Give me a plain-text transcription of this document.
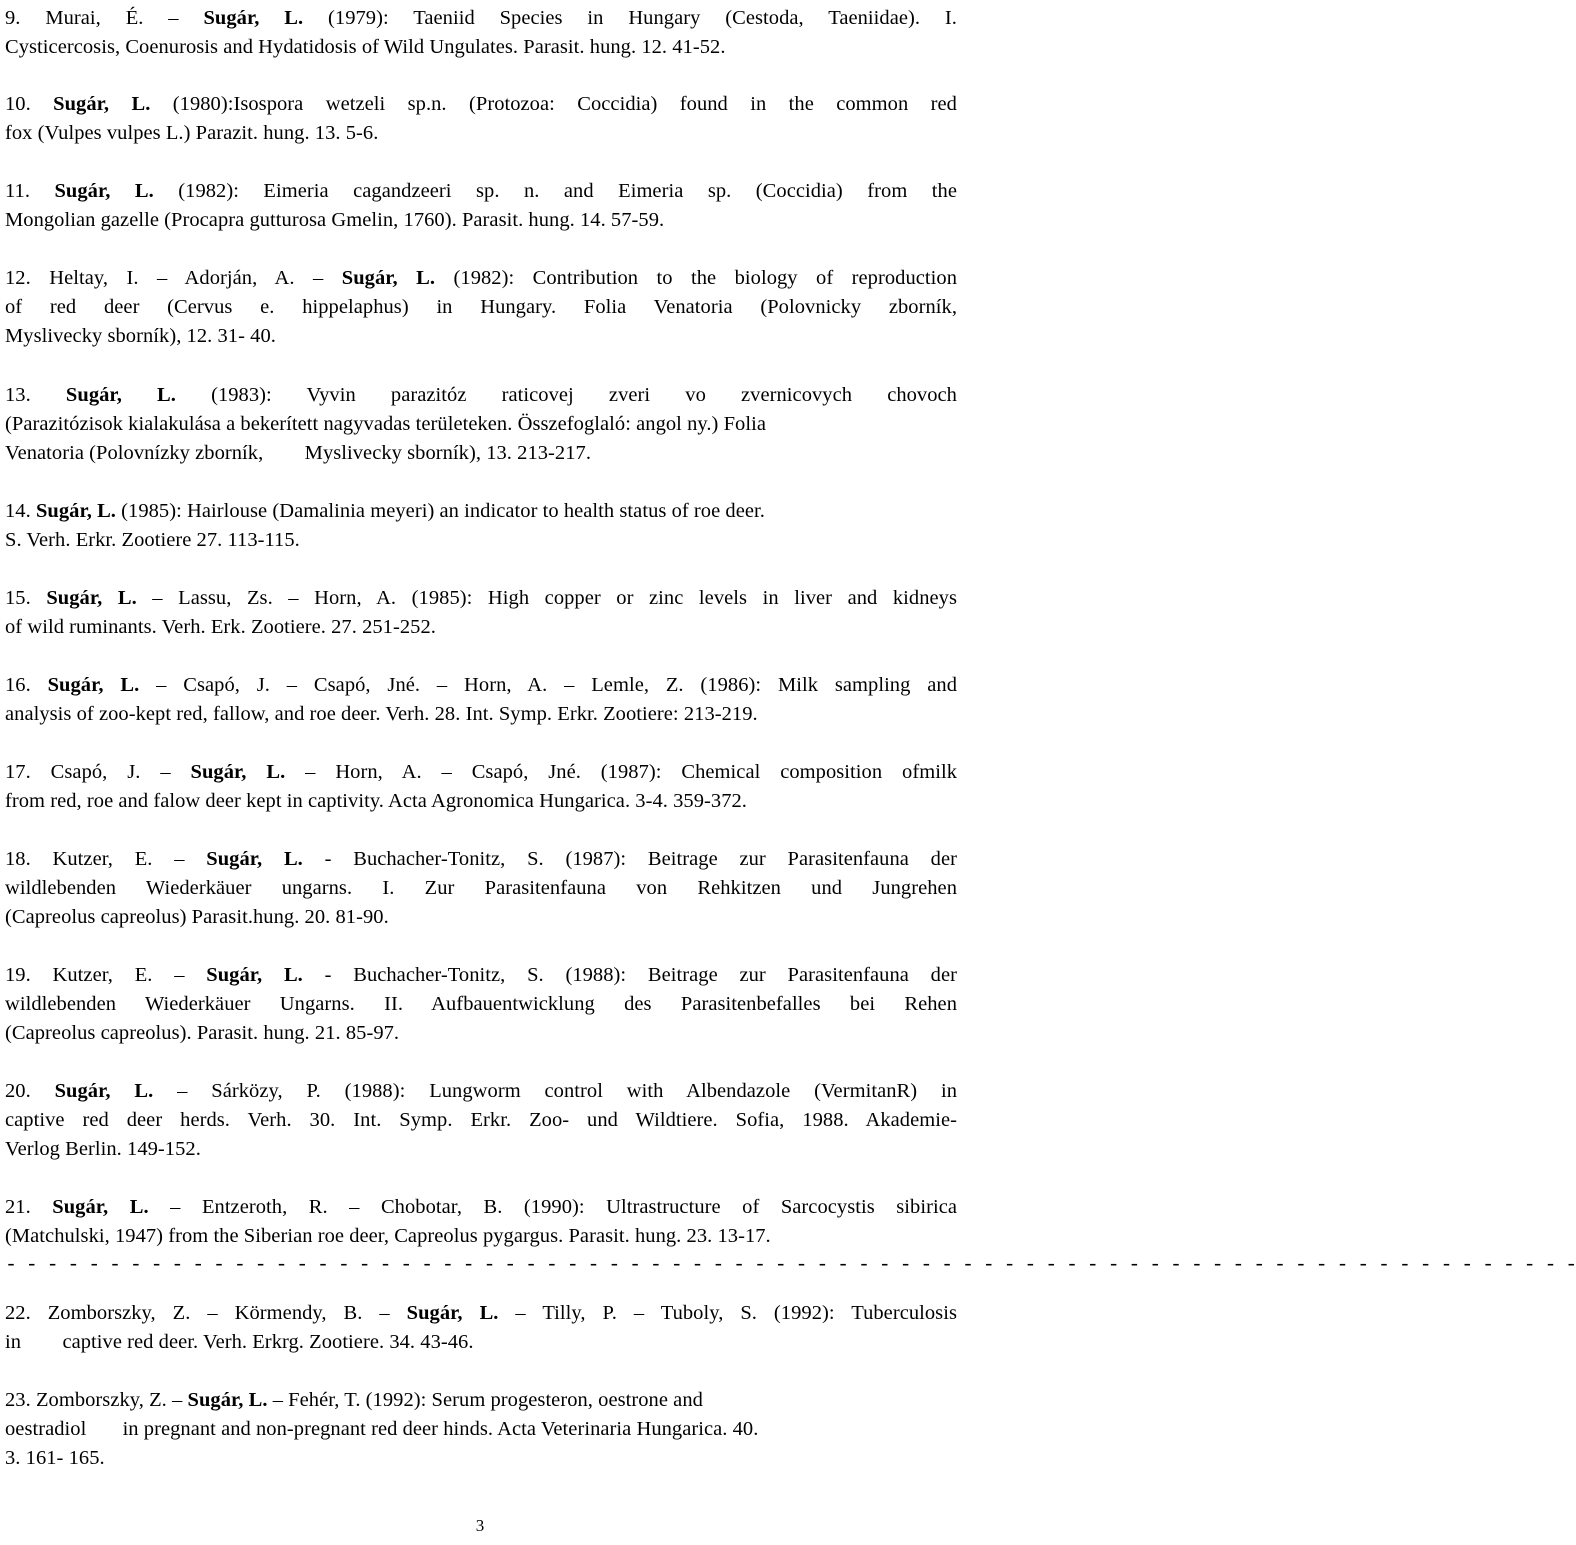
9. Murai, É. – Sugár, L. (1979): Taeniid Species in Hungary (Cestoda, Taeniidae). I.
Cysticercosis, Coenurosis and Hydatidosis of Wild Ungulates. Parasit. hung. 12. 41-52.

10. Sugár, L. (1980):Isospora wetzeli sp.n. (Protozoa: Coccidia) found in the common red
fox (Vulpes vulpes L.) Parazit. hung. 13. 5-6.

11. Sugár, L. (1982): Eimeria cagandzeeri sp. n. and Eimeria sp. (Coccidia) from the
Mongolian gazelle (Procapra gutturosa Gmelin, 1760). Parasit. hung. 14. 57-59.

12. Heltay, I. – Adorján, A. – Sugár, L. (1982): Contribution to the biology of reproduction
of red deer (Cervus e. hippelaphus) in Hungary. Folia Venatoria (Polovnicky zborník,
Myslivecky sborník), 12. 31- 40.

13. Sugár, L. (1983): Vyvin parazitóz raticovej zveri vo zvernicovych chovoch
(Parazitózisok kialakulása a bekerített nagyvadas területeken. Összefoglaló: angol ny.) Folia
Venatoria (Polovnízky zborník,        Myslivecky sborník), 13. 213-217.

14. Sugár, L. (1985): Hairlouse (Damalinia meyeri) an indicator to health status of roe deer.
S. Verh. Erkr. Zootiere 27. 113-115.

15. Sugár, L. – Lassu, Zs. – Horn, A. (1985): High copper or zinc levels in liver and kidneys
of wild ruminants. Verh. Erk. Zootiere. 27. 251-252.

16. Sugár, L. – Csapó, J. – Csapó, Jné. – Horn, A. – Lemle, Z. (1986): Milk sampling and
analysis of zoo-kept red, fallow, and roe deer. Verh. 28. Int. Symp. Erkr. Zootiere: 213-219.

17. Csapó, J. – Sugár, L. – Horn, A. – Csapó, Jné. (1987): Chemical composition ofmilk
from red, roe and falow deer kept in captivity. Acta Agronomica Hungarica. 3-4. 359-372.

18. Kutzer, E. – Sugár, L. - Buchacher-Tonitz, S. (1987): Beitrage zur Parasitenfauna der
wildlebenden Wiederkäuer ungarns. I. Zur Parasitenfauna von Rehkitzen und Jungrehen
(Capreolus capreolus) Parasit.hung. 20. 81-90.

19. Kutzer, E. – Sugár, L. - Buchacher-Tonitz, S. (1988): Beitrage zur Parasitenfauna der
wildlebenden Wiederkäuer Ungarns. II. Aufbauentwicklung des Parasitenbefalles bei Rehen
(Capreolus capreolus). Parasit. hung. 21. 85-97.

20. Sugár, L. – Sárközy, P. (1988): Lungworm control with Albendazole (VermitanR) in
captive red deer herds. Verh. 30. Int. Symp. Erkr. Zoo- und Wildtiere. Sofia, 1988. Akademie-
Verlog Berlin. 149-152.

21. Sugár, L. – Entzeroth, R. – Chobotar, B. (1990): Ultrastructure of Sarcocystis sibirica
(Matchulski, 1947) from the Siberian roe deer, Capreolus pygargus. Parasit. hung. 23. 13-17.

- - - - - - - - - - - - - - - - - - - - - - - - - - - - - - - - - - - - - - - - - - - - - - - - - - - - - - - - - - - - - - - - - - - - - - - - - - - -

22. Zomborszky, Z. – Körmendy, B. – Sugár, L. – Tilly, P. – Tuboly, S. (1992): Tuberculosis
in        captive red deer. Verh. Erkrg. Zootiere. 34. 43-46.

23. Zomborszky, Z. – Sugár, L. – Fehér, T. (1992): Serum progesteron, oestrone and
oestradiol       in pregnant and non-pregnant red deer hinds. Acta Veterinaria Hungarica. 40.
3. 161- 165.

3
